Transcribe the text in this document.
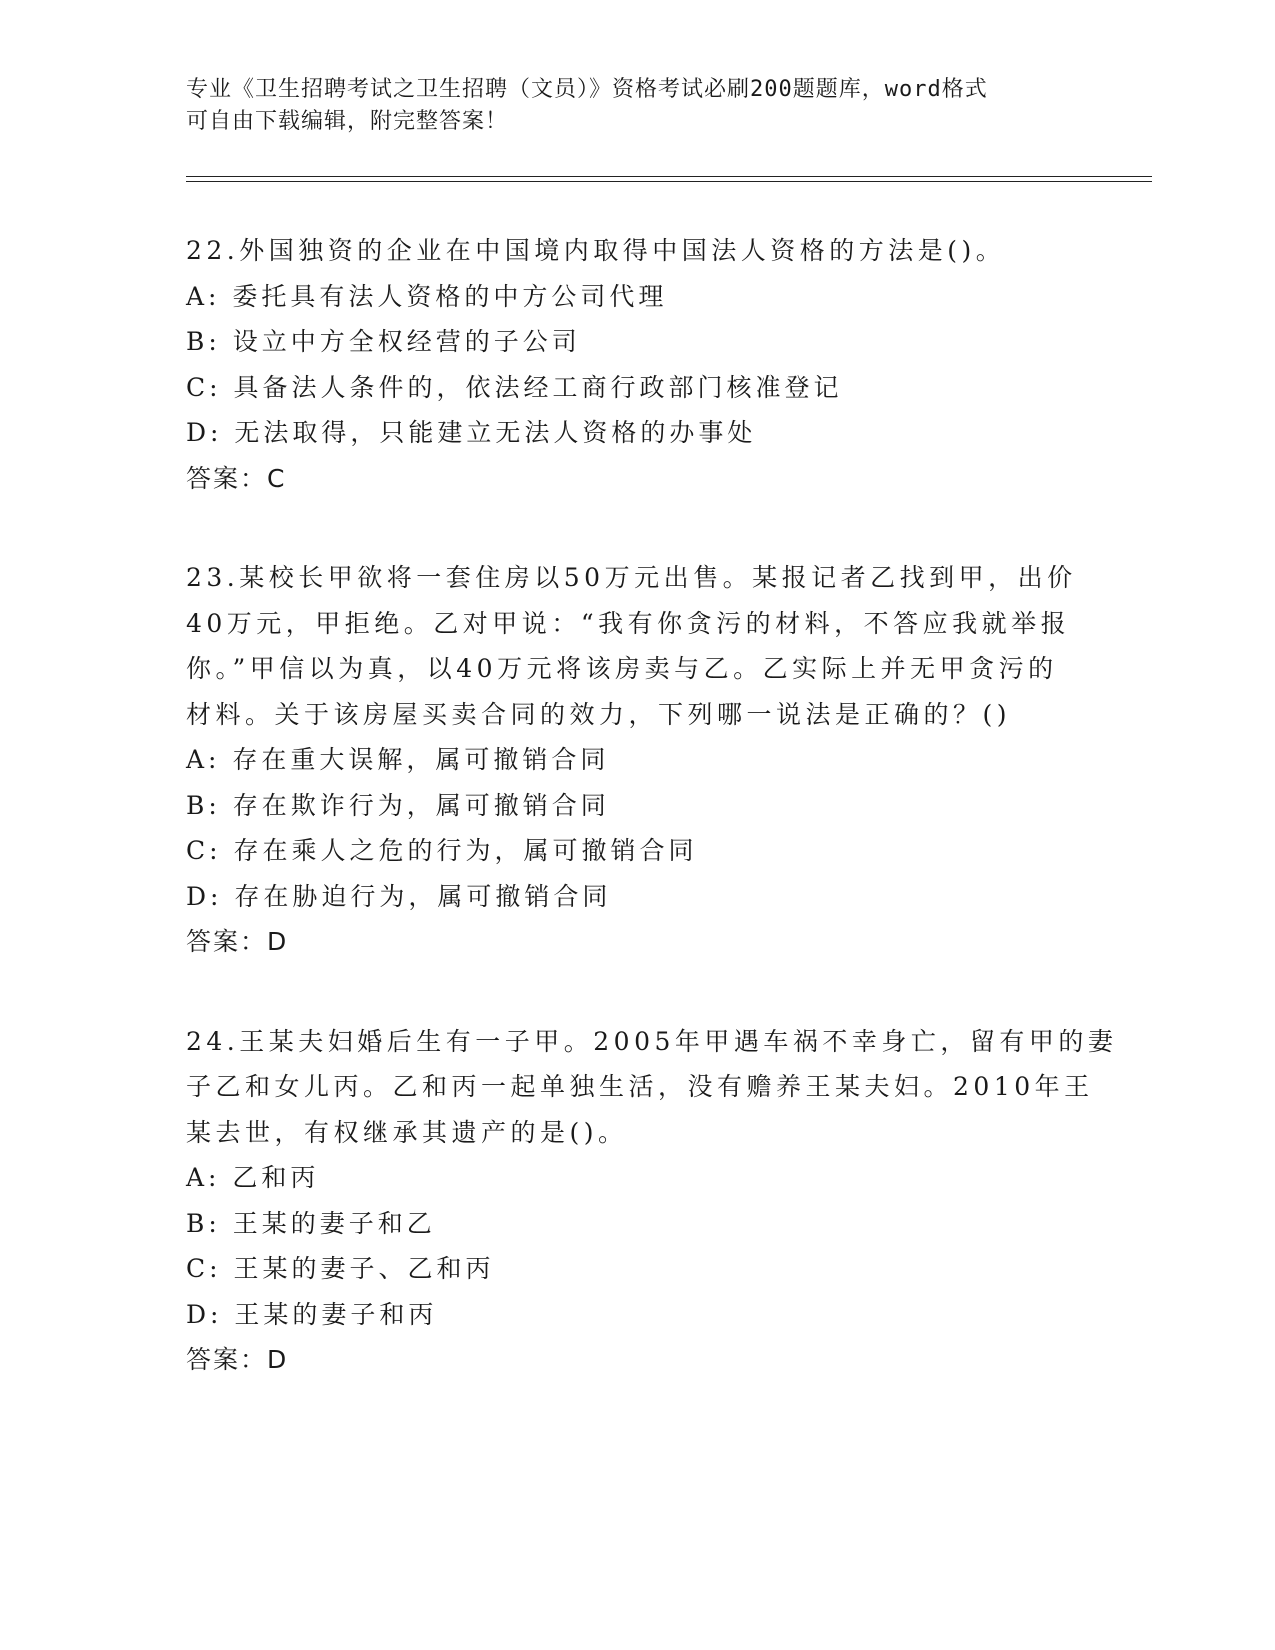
专业《卫生招聘考试之卫生招聘（文员）》资格考试必刷200题题库，word格式
可自由下载编辑，附完整答案！
22.外国独资的企业在中国境内取得中国法人资格的方法是()。
A: 委托具有法人资格的中方公司代理
B: 设立中方全权经营的子公司
C: 具备法人条件的，依法经工商行政部门核准登记
D: 无法取得，只能建立无法人资格的办事处
答案：C
23.某校长甲欲将一套住房以50万元出售。某报记者乙找到甲，出价
40万元，甲拒绝。乙对甲说：“我有你贪污的材料，不答应我就举报
你。”甲信以为真，以40万元将该房卖与乙。乙实际上并无甲贪污的
材料。关于该房屋买卖合同的效力，下列哪一说法是正确的？()
A: 存在重大误解，属可撤销合同
B: 存在欺诈行为，属可撤销合同
C: 存在乘人之危的行为，属可撤销合同
D: 存在胁迫行为，属可撤销合同
答案：D
24.王某夫妇婚后生有一子甲。2005年甲遇车祸不幸身亡，留有甲的妻
子乙和女儿丙。乙和丙一起单独生活，没有赡养王某夫妇。2010年王
某去世，有权继承其遗产的是()。
A: 乙和丙
B: 王某的妻子和乙
C: 王某的妻子、乙和丙
D: 王某的妻子和丙
答案：D
